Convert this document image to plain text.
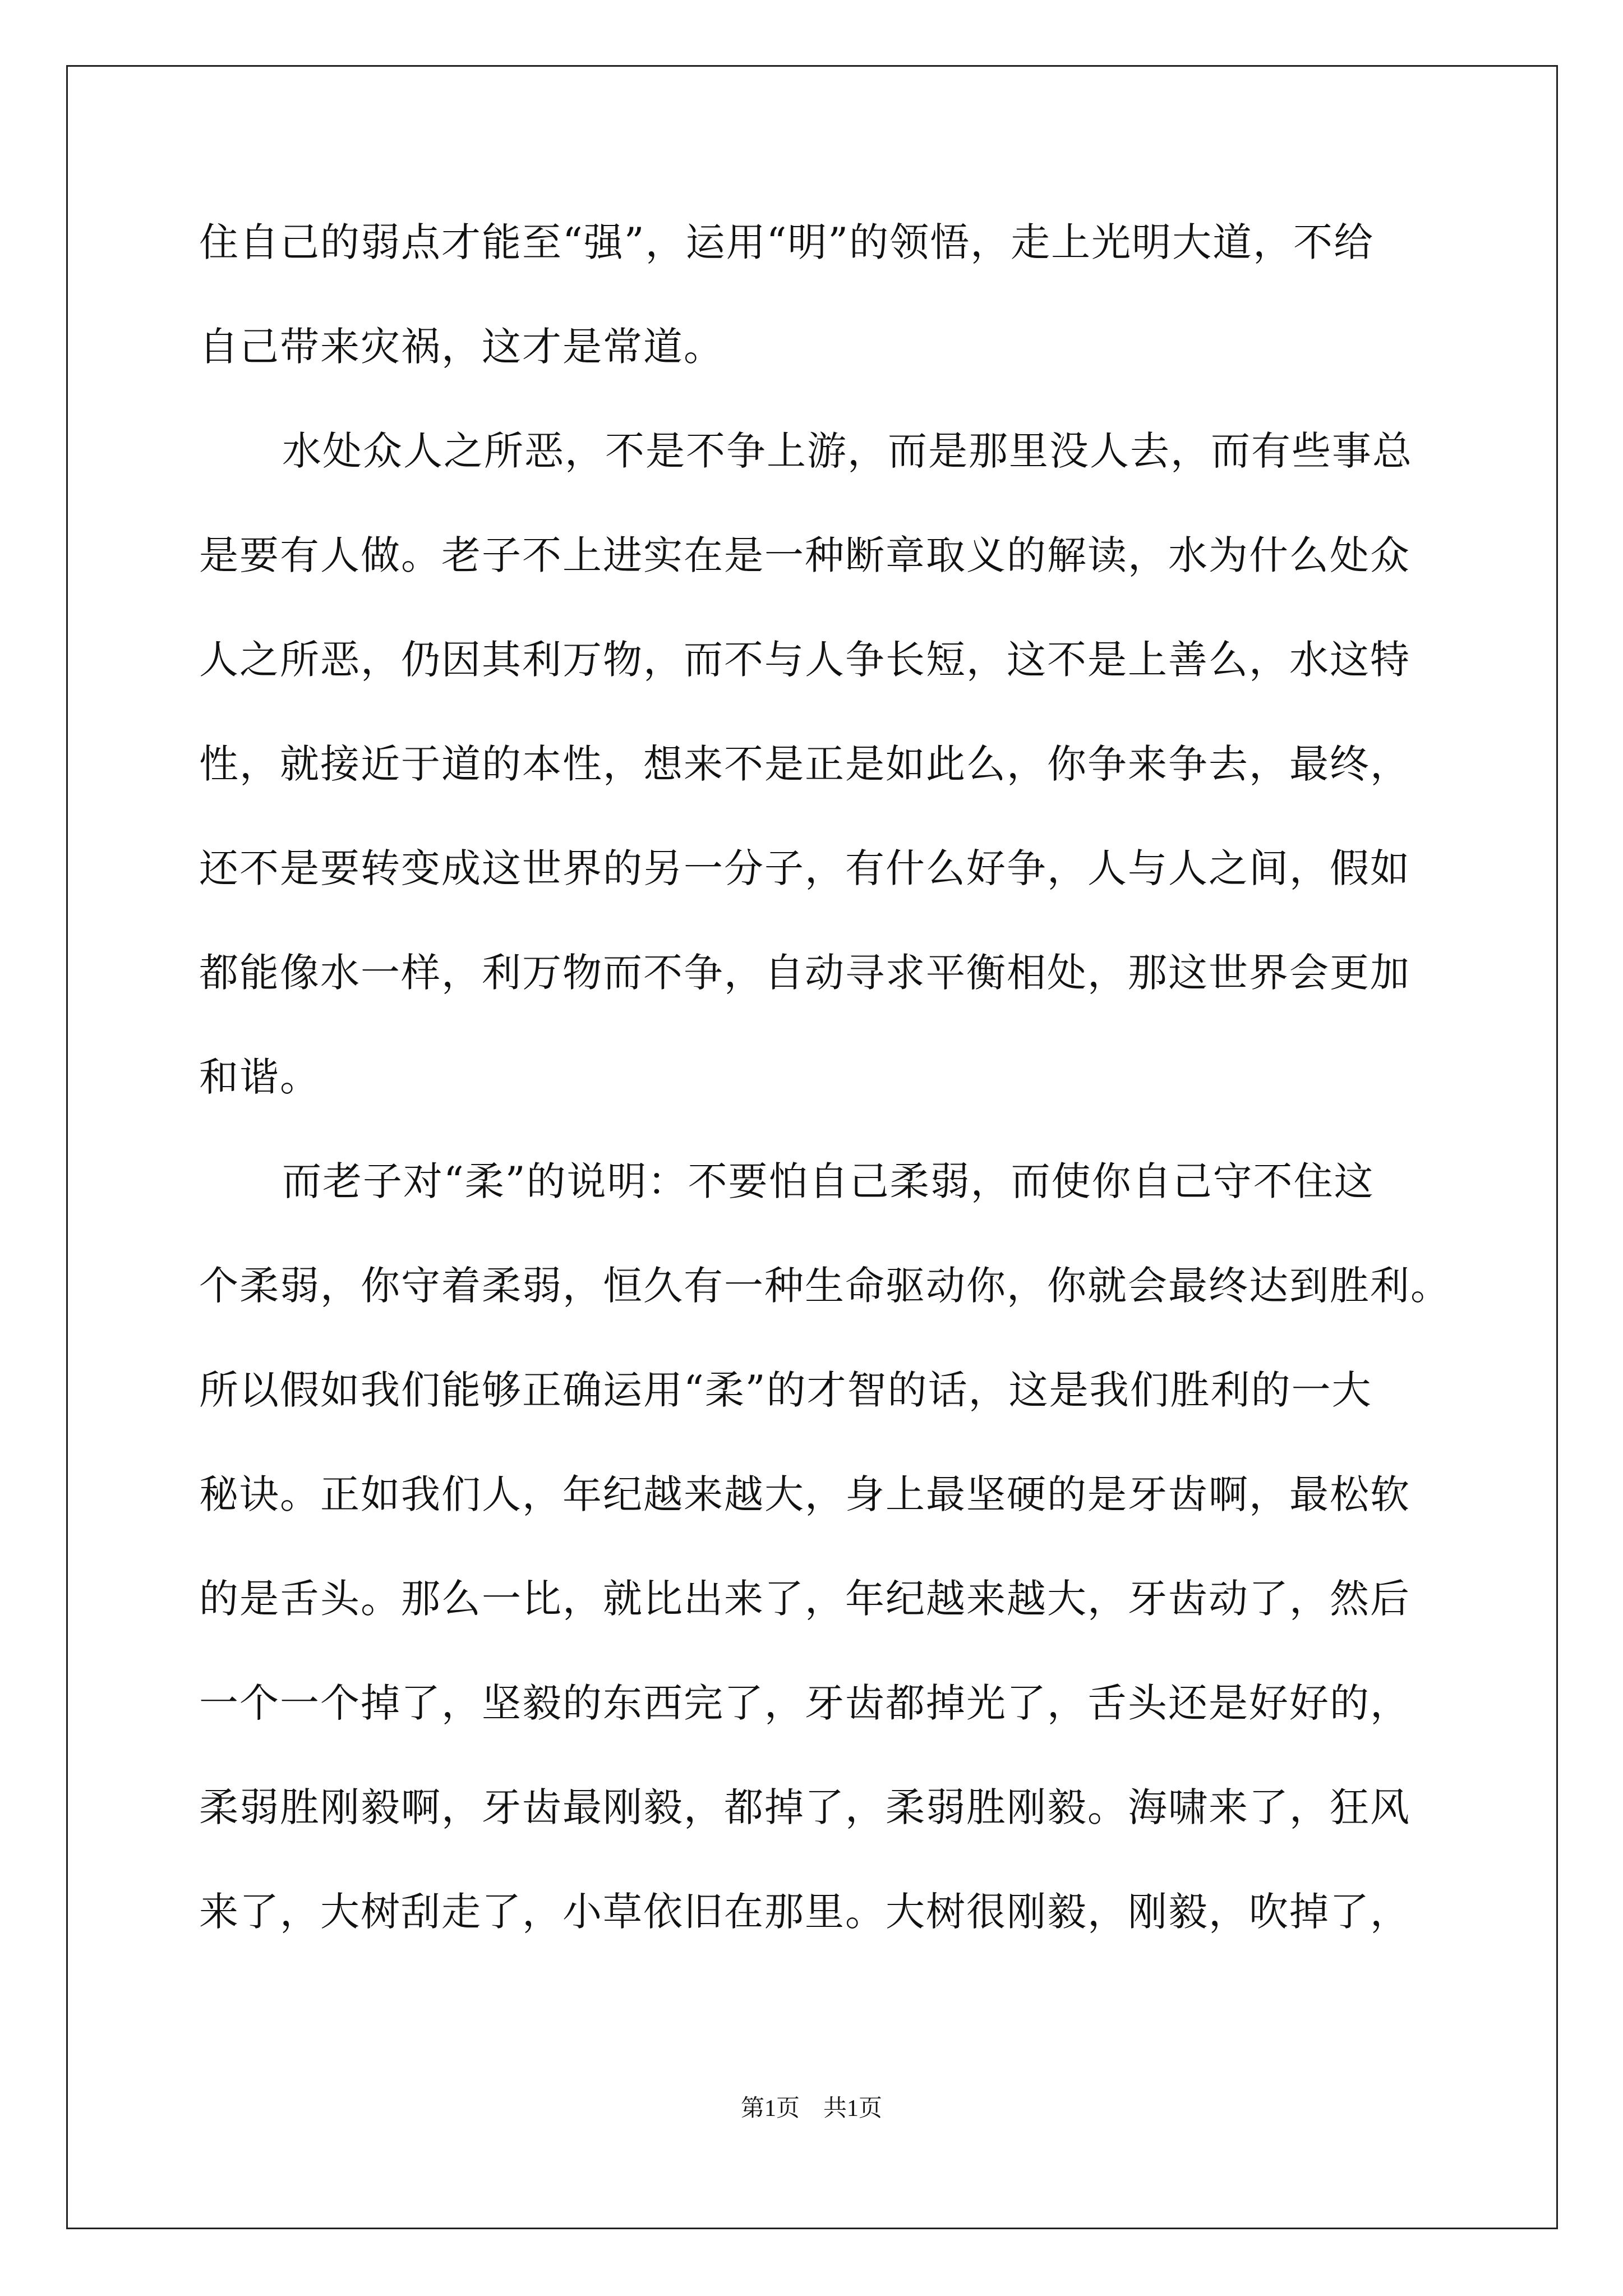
住自己的弱点才能至“强”，运用“明”的领悟，走上光明大道，不给
自己带来灾祸，这才是常道。
水处众人之所恶，不是不争上游，而是那里没人去，而有些事总
是要有人做。老子不上进实在是一种断章取义的解读，水为什么处众
人之所恶，仍因其利万物，而不与人争长短，这不是上善么，水这特
性，就接近于道的本性，想来不是正是如此么，你争来争去，最终，
还不是要转变成这世界的另一分子，有什么好争，人与人之间，假如
都能像水一样，利万物而不争，自动寻求平衡相处，那这世界会更加
和谐。
而老子对“柔”的说明：不要怕自己柔弱，而使你自己守不住这
个柔弱，你守着柔弱，恒久有一种生命驱动你，你就会最终达到胜利。
所以假如我们能够正确运用“柔”的才智的话，这是我们胜利的一大
秘诀。正如我们人，年纪越来越大，身上最坚硬的是牙齿啊，最松软
的是舌头。那么一比，就比出来了，年纪越来越大，牙齿动了，然后
一个一个掉了，坚毅的东西完了，牙齿都掉光了，舌头还是好好的，
柔弱胜刚毅啊，牙齿最刚毅，都掉了，柔弱胜刚毅。海啸来了，狂风
来了，大树刮走了，小草依旧在那里。大树很刚毅，刚毅，吹掉了，
第1页　共1页
